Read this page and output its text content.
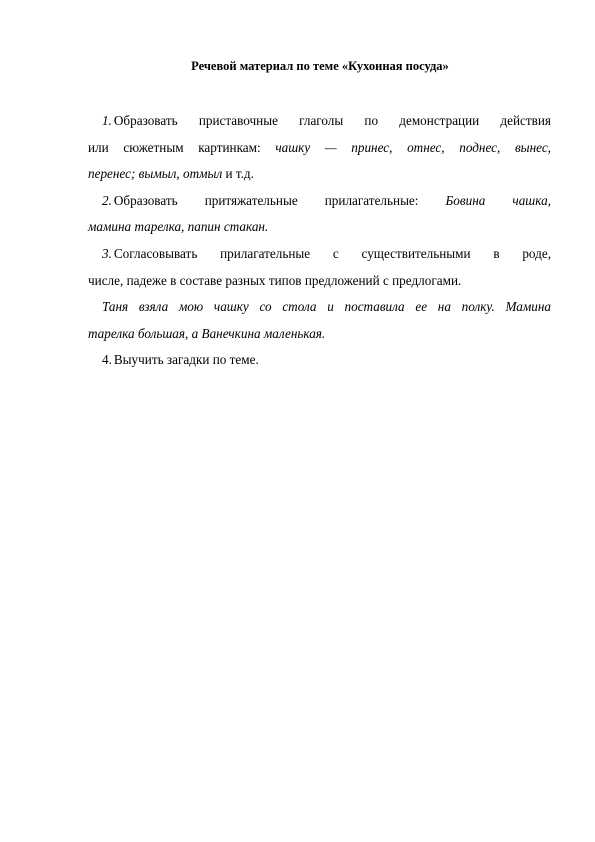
Речевой материал по теме «Кухонная посуда»
1. Образовать приставочные глаголы по демонстрации действия
или сюжетным картинкам: чашку — принес, отнес, поднес, вынес,
перенес; вымыл, отмыл и т.д.
2. Образовать притяжательные прилагательные: Бовина чашка,
мамина тарелка, папин стакан.
3. Согласовывать прилагательные с существительными в роде,
числе, падеже в составе разных типов предложений с предлогами.
Таня взяла мою чашку со стола и поставила ее на полку. Мамина
тарелка большая, а Ванечкина маленькая.
4. Выучить загадки по теме.
